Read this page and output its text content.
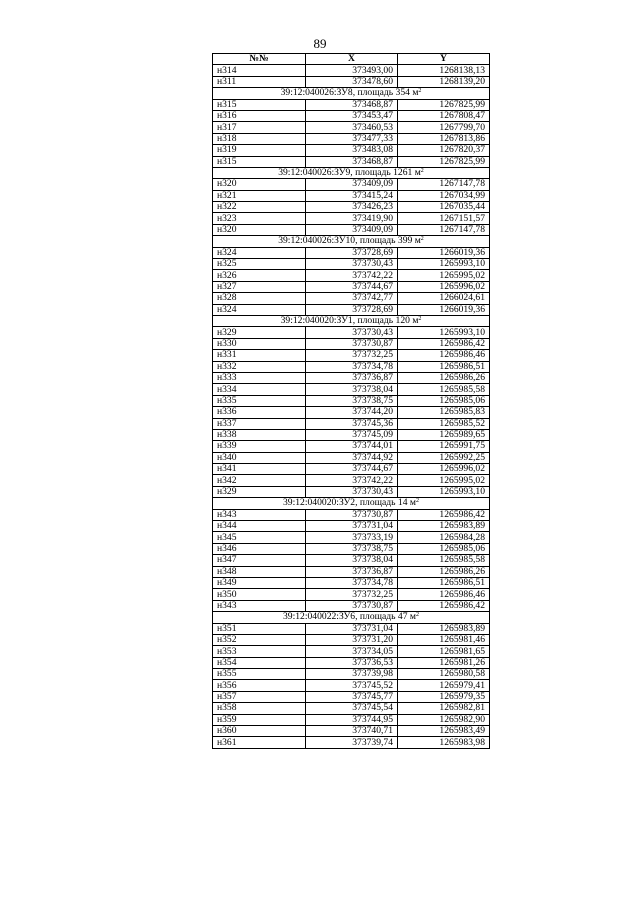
89
№№	X	Y
н314	373493,00	1268138,13
н311	373478,60	1268139,20
39:12:040026:ЗУ8, площадь 354 $м^2$
н315	373468,87	1267825,99
н316	373453,47	1267808,47
н317	373460,53	1267799,70
н318	373477,33	1267813,86
н319	373483,08	1267820,37
н315	373468,87	1267825,99
39:12:040026:ЗУ9, площадь 1261 $м^2$
н320	373409,09	1267147,78
н321	373415,24	1267034,99
н322	373426,23	1267035,44
н323	373419,90	1267151,57
н320	373409,09	1267147,78
39:12:040026:ЗУ10, площадь 399 $м^2$
н324	373728,69	1266019,36
н325	373730,43	1265993,10
н326	373742,22	1265995,02
н327	373744,67	1265996,02
н328	373742,77	1266024,61
н324	373728,69	1266019,36
39:12:040020:ЗУ1, площадь 120 $м^2$
н329	373730,43	1265993,10
н330	373730,87	1265986,42
н331	373732,25	1265986,46
н332	373734,78	1265986,51
н333	373736,87	1265986,26
н334	373738,04	1265985,58
н335	373738,75	1265985,06
н336	373744,20	1265985,83
н337	373745,36	1265985,52
н338	373745,09	1265989,65
н339	373744,01	1265991,75
н340	373744,92	1265992,25
н341	373744,67	1265996,02
н342	373742,22	1265995,02
н329	373730,43	1265993,10
39:12:040020:ЗУ2, площадь 14 $м^2$
н343	373730,87	1265986,42
н344	373731,04	1265983,89
н345	373733,19	1265984,28
н346	373738,75	1265985,06
н347	373738,04	1265985,58
н348	373736,87	1265986,26
н349	373734,78	1265986,51
н350	373732,25	1265986,46
н343	373730,87	1265986,42
39:12:040022:ЗУ6, площадь 47 $м^2$
н351	373731,04	1265983,89
н352	373731,20	1265981,46
н353	373734,05	1265981,65
н354	373736,53	1265981,26
н355	373739,98	1265980,58
н356	373745,52	1265979,41
н357	373745,77	1265979,35
н358	373745,54	1265982,81
н359	373744,95	1265982,90
н360	373740,71	1265983,49
н361	373739,74	1265983,98
